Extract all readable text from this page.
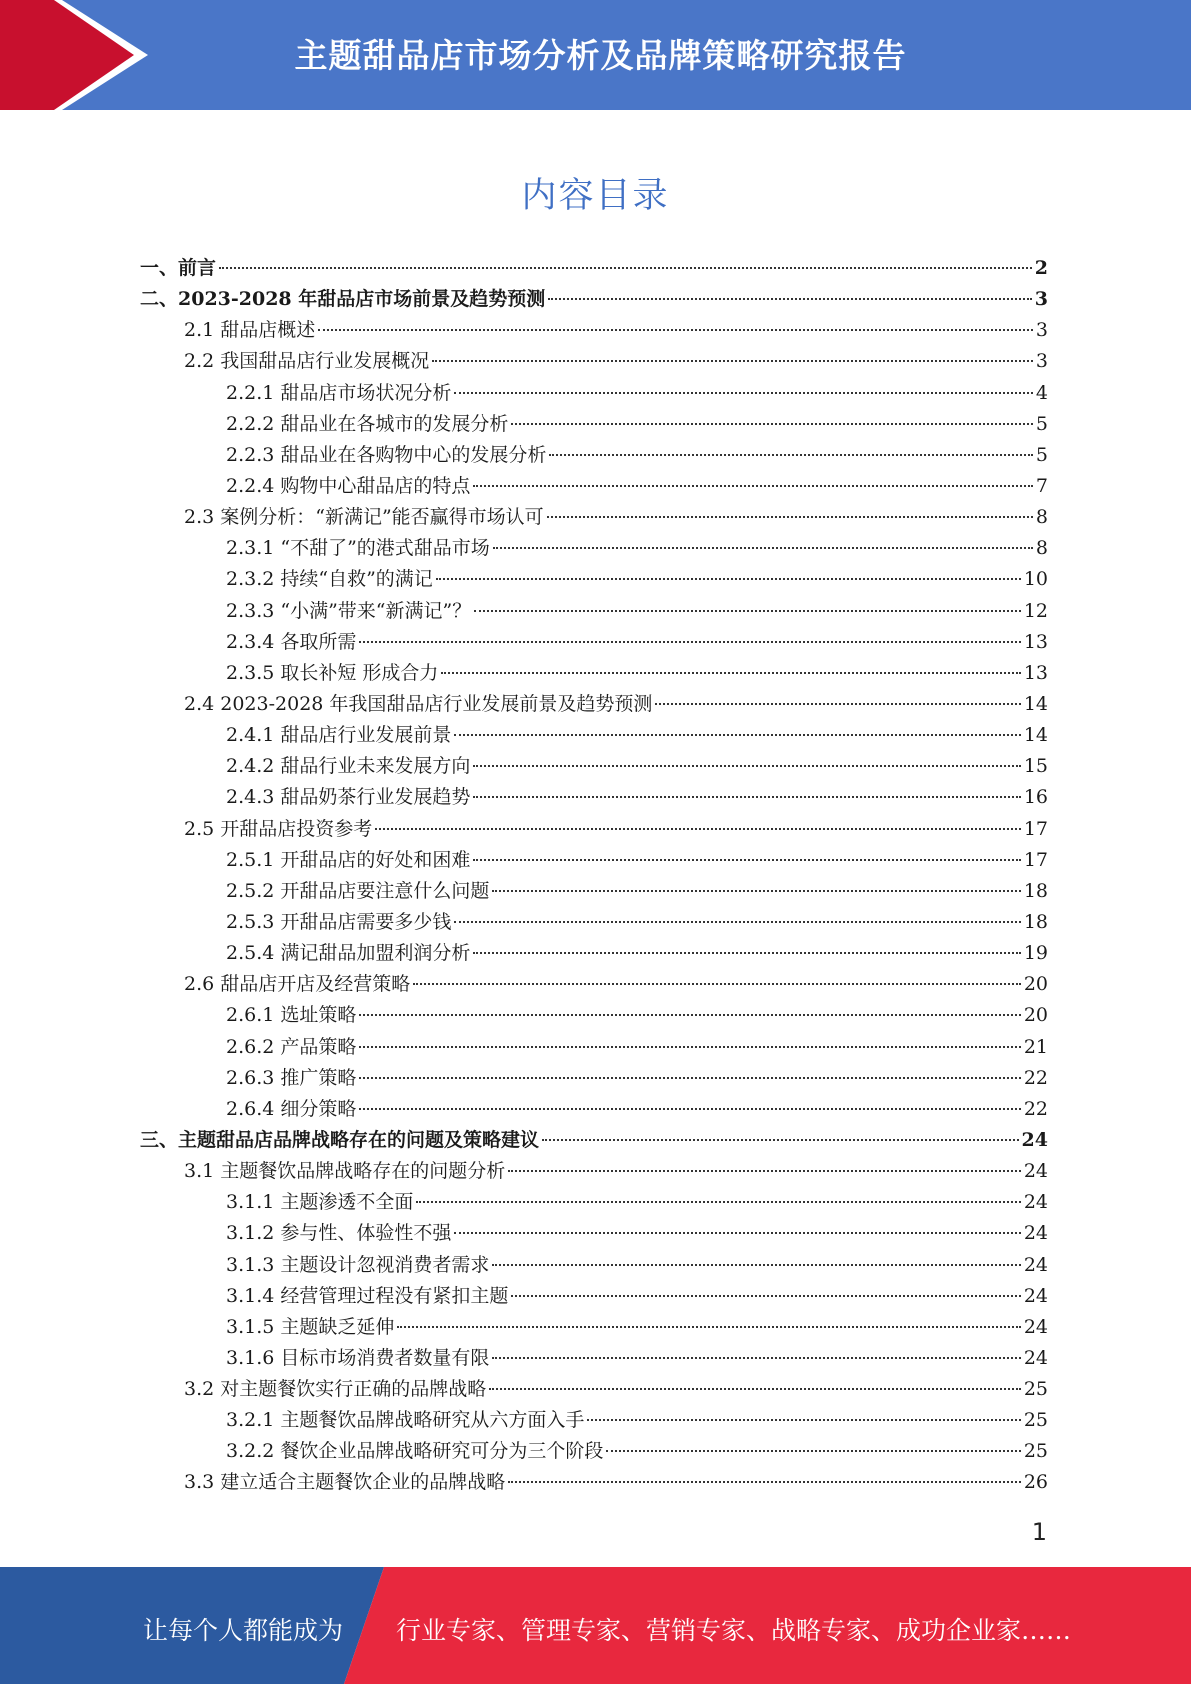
主题甜品店市场分析及品牌策略研究报告
内容目录
一、前言	2
二、2023-2028 年甜品店市场前景及趋势预测	3
2.1 甜品店概述	3
2.2 我国甜品店行业发展概况	3
2.2.1 甜品店市场状况分析	4
2.2.2 甜品业在各城市的发展分析	5
2.2.3 甜品业在各购物中心的发展分析	5
2.2.4 购物中心甜品店的特点	7
2.3 案例分析：“新满记”能否赢得市场认可	8
2.3.1 “不甜了”的港式甜品市场	8
2.3.2 持续“自救”的满记	10
2.3.3 “小满”带来“新满记”？	12
2.3.4 各取所需	13
2.3.5 取长补短 形成合力	13
2.4 2023-2028 年我国甜品店行业发展前景及趋势预测	14
2.4.1 甜品店行业发展前景	14
2.4.2 甜品行业未来发展方向	15
2.4.3 甜品奶茶行业发展趋势	16
2.5 开甜品店投资参考	17
2.5.1 开甜品店的好处和困难	17
2.5.2 开甜品店要注意什么问题	18
2.5.3 开甜品店需要多少钱	18
2.5.4 满记甜品加盟利润分析	19
2.6 甜品店开店及经营策略	20
2.6.1 选址策略	20
2.6.2 产品策略	21
2.6.3 推广策略	22
2.6.4 细分策略	22
三、主题甜品店品牌战略存在的问题及策略建议	24
3.1 主题餐饮品牌战略存在的问题分析	24
3.1.1 主题渗透不全面	24
3.1.2 参与性、体验性不强	24
3.1.3 主题设计忽视消费者需求	24
3.1.4 经营管理过程没有紧扣主题	24
3.1.5 主题缺乏延伸	24
3.1.6 目标市场消费者数量有限	24
3.2 对主题餐饮实行正确的品牌战略	25
3.2.1 主题餐饮品牌战略研究从六方面入手	25
3.2.2 餐饮企业品牌战略研究可分为三个阶段	25
3.3 建立适合主题餐饮企业的品牌战略	26
1
让每个人都能成为 行业专家、管理专家、营销专家、战略专家、成功企业家……
